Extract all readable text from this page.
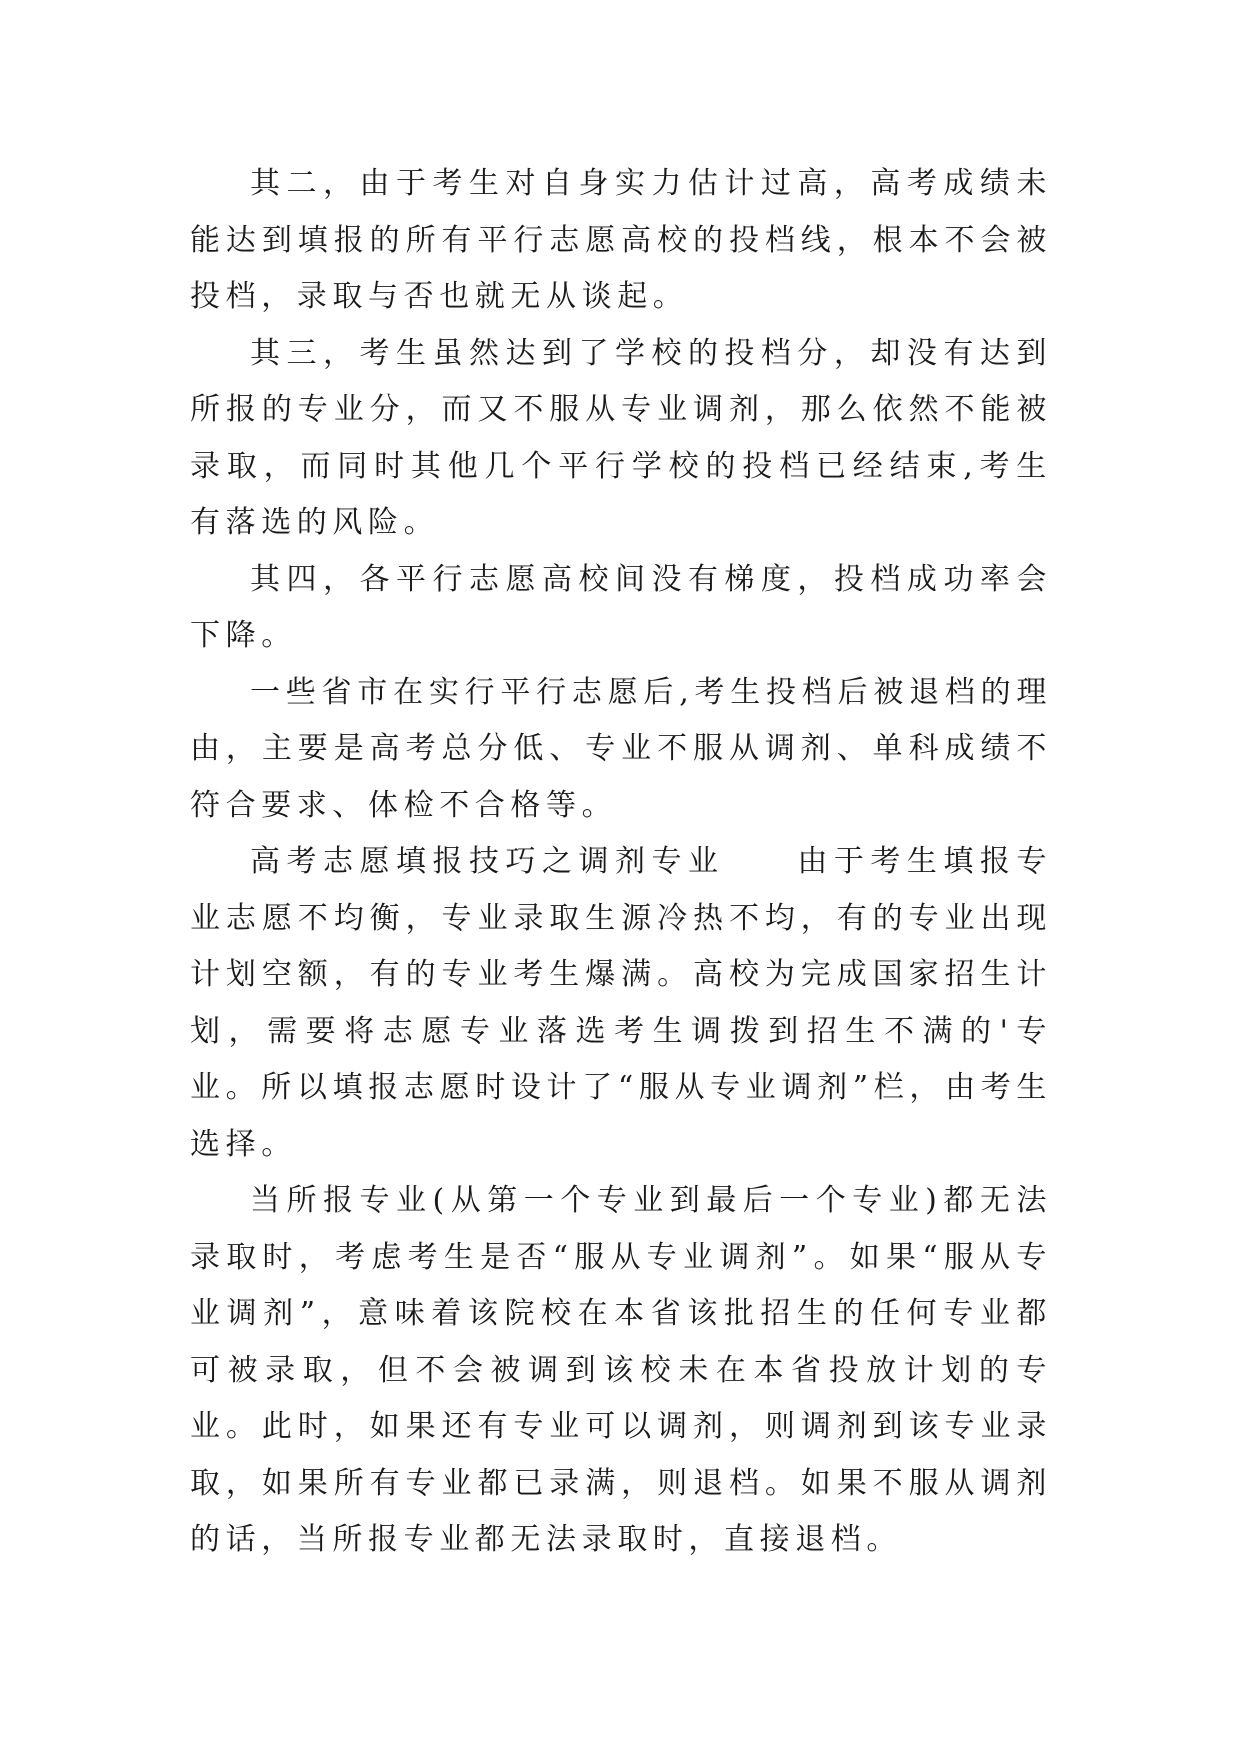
其二，由于考生对自身实力估计过高，高考成绩未能达到填报的所有平行志愿高校的投档线，根本不会被投档，录取与否也就无从谈起。

其三，考生虽然达到了学校的投档分，却没有达到所报的专业分，而又不服从专业调剂，那么依然不能被录取，而同时其他几个平行学校的投档已经结束,考生有落选的风险。

其四，各平行志愿高校间没有梯度，投档成功率会下降。

一些省市在实行平行志愿后,考生投档后被退档的理由，主要是高考总分低、专业不服从调剂、单科成绩不符合要求、体检不合格等。

高考志愿填报技巧之调剂专业　　由于考生填报专业志愿不均衡，专业录取生源冷热不均，有的专业出现计划空额，有的专业考生爆满。高校为完成国家招生计划，需要将志愿专业落选考生调拨到招生不满的'专业。所以填报志愿时设计了“服从专业调剂”栏，由考生选择。

当所报专业(从第一个专业到最后一个专业)都无法录取时，考虑考生是否“服从专业调剂”。如果“服从专业调剂”，意味着该院校在本省该批招生的任何专业都可被录取，但不会被调到该校未在本省投放计划的专业。此时，如果还有专业可以调剂，则调剂到该专业录取，如果所有专业都已录满，则退档。如果不服从调剂的话，当所报专业都无法录取时，直接退档。
